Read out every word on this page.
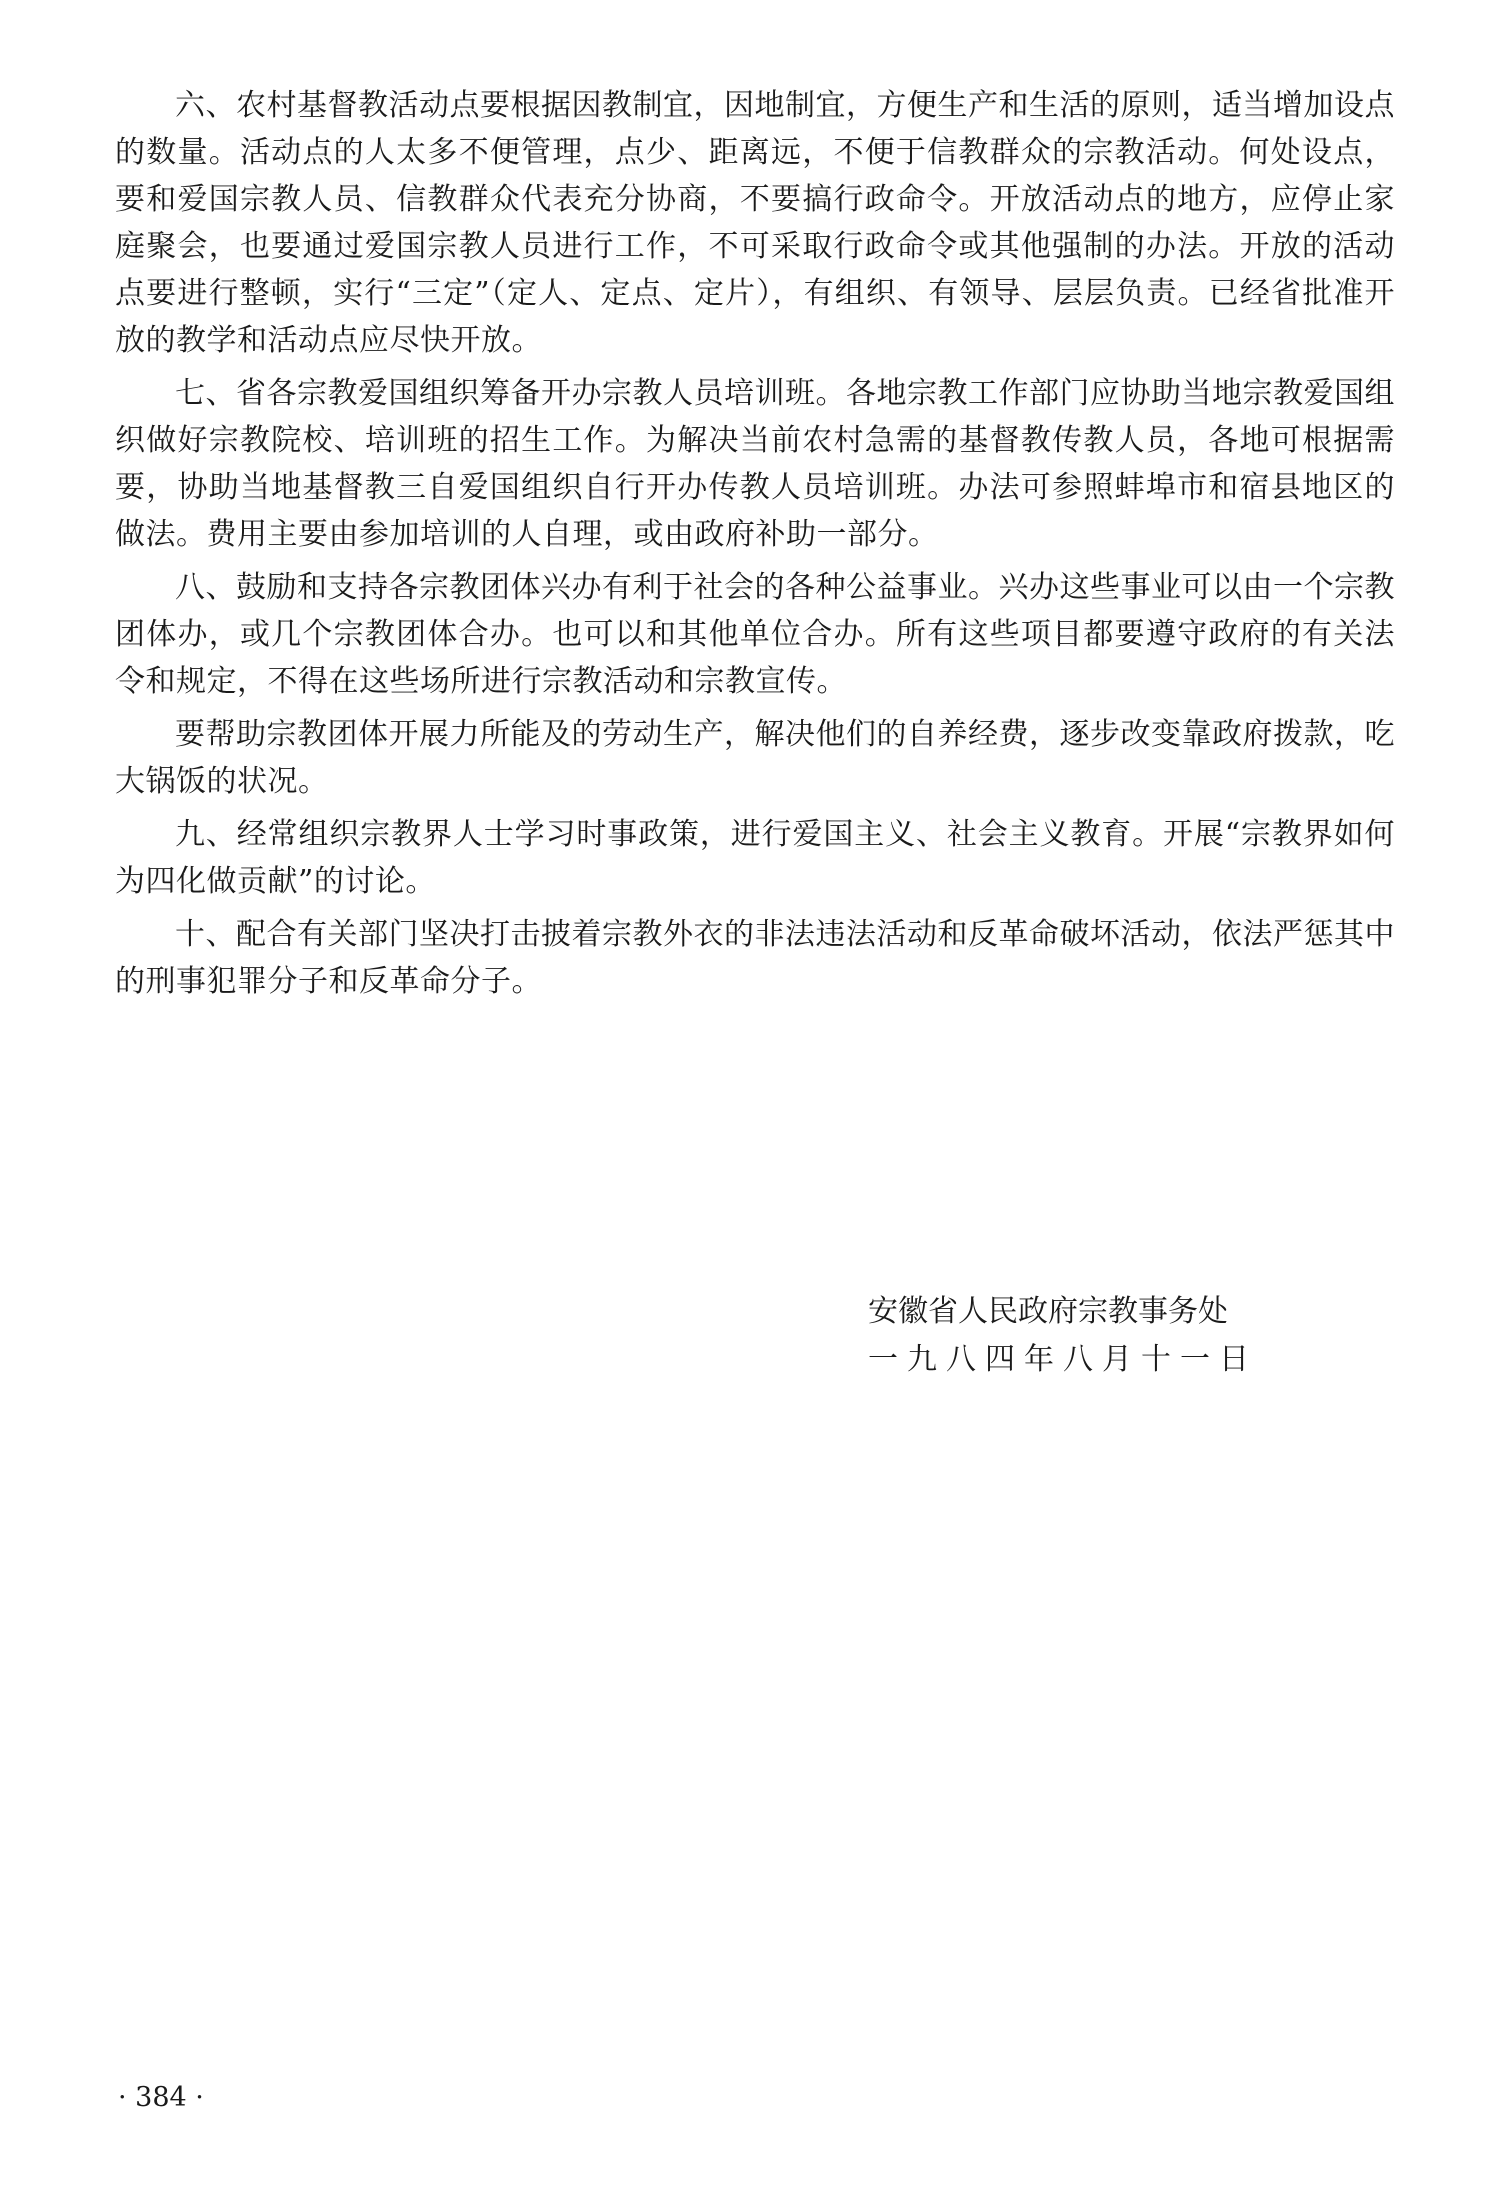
六、农村基督教活动点要根据因教制宜，因地制宜，方便生产和生活的原则，适当增加设点的数量。活动点的人太多不便管理，点少、距离远，不便于信教群众的宗教活动。何处设点，要和爱国宗教人员、信教群众代表充分协商，不要搞行政命令。开放活动点的地方，应停止家庭聚会，也要通过爱国宗教人员进行工作，不可采取行政命令或其他强制的办法。开放的活动点要进行整顿，实行“三定”（定人、定点、定片），有组织、有领导、层层负责。已经省批准开放的教学和活动点应尽快开放。

七、省各宗教爱国组织筹备开办宗教人员培训班。各地宗教工作部门应协助当地宗教爱国组织做好宗教院校、培训班的招生工作。为解决当前农村急需的基督教传教人员，各地可根据需要，协助当地基督教三自爱国组织自行开办传教人员培训班。办法可参照蚌埠市和宿县地区的做法。费用主要由参加培训的人自理，或由政府补助一部分。

八、鼓励和支持各宗教团体兴办有利于社会的各种公益事业。兴办这些事业可以由一个宗教团体办，或几个宗教团体合办。也可以和其他单位合办。所有这些项目都要遵守政府的有关法令和规定，不得在这些场所进行宗教活动和宗教宣传。

要帮助宗教团体开展力所能及的劳动生产，解决他们的自养经费，逐步改变靠政府拨款，吃大锅饭的状况。

九、经常组织宗教界人士学习时事政策，进行爱国主义、社会主义教育。开展“宗教界如何为四化做贡献”的讨论。

十、配合有关部门坚决打击披着宗教外衣的非法违法活动和反革命破坏活动，依法严惩其中的刑事犯罪分子和反革命分子。

安徽省人民政府宗教事务处
一九八四年八月十一日
· 384 ·
